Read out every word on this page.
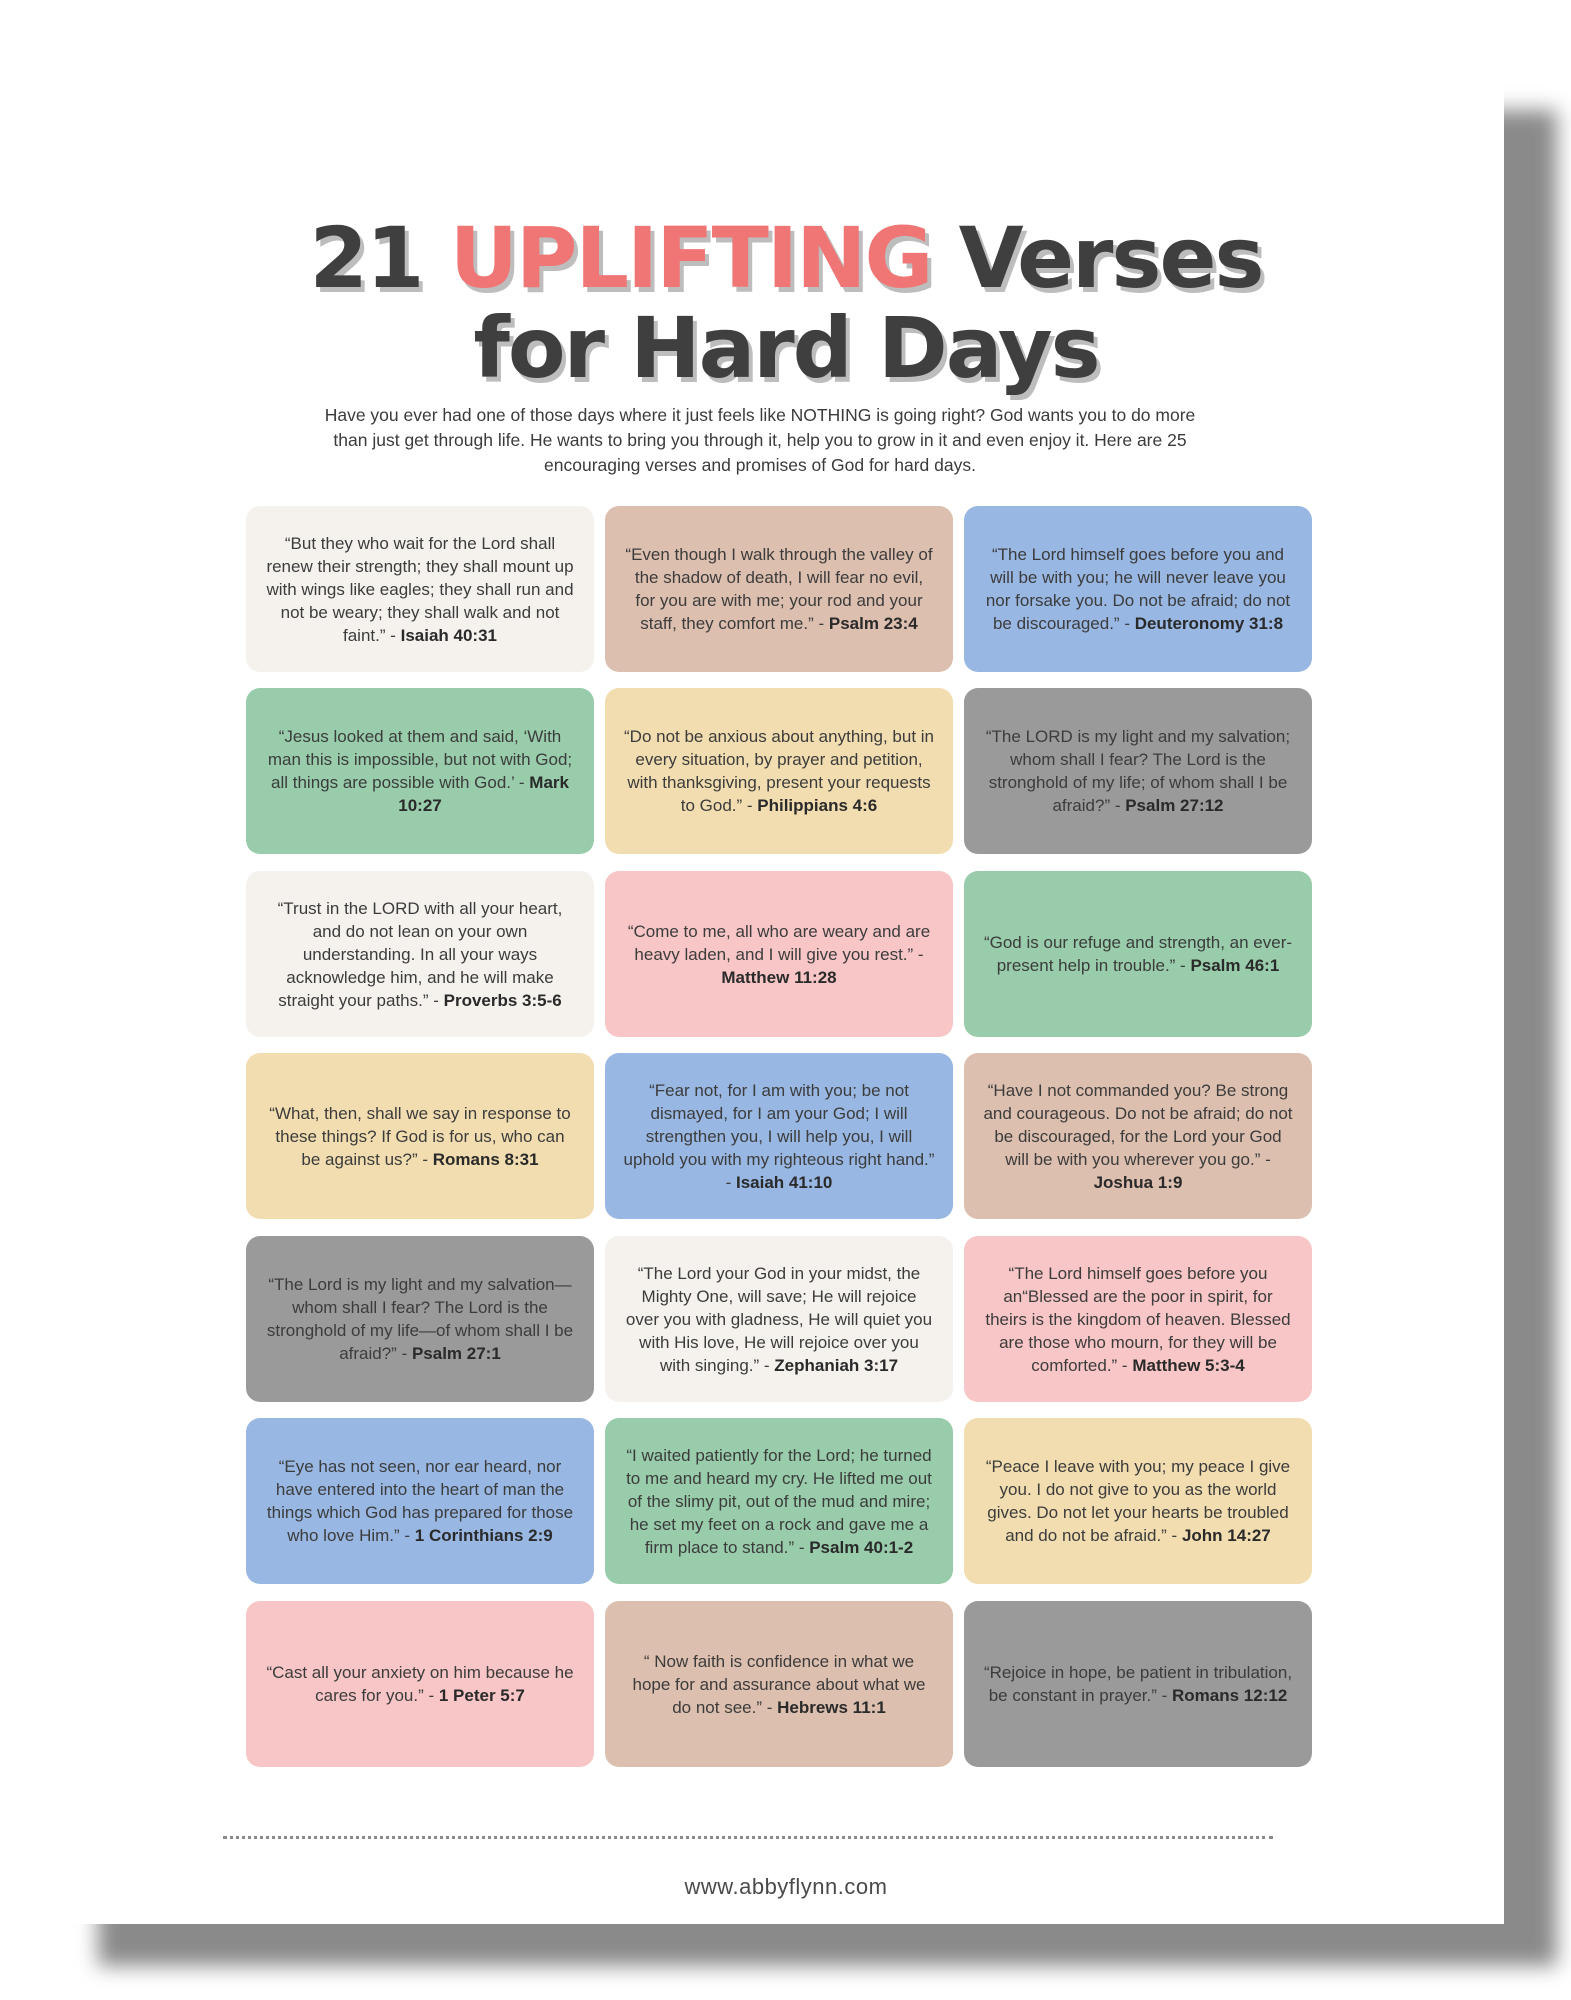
21 UPLIFTING Verses
for Hard Days

Have you ever had one of those days where it just feels like NOTHING is going right? God wants you to do more than just get through life. He wants to bring you through it, help you to grow in it and even enjoy it. Here are 25 encouraging verses and promises of God for hard days.

“But they who wait for the Lord shall renew their strength; they shall mount up with wings like eagles; they shall run and not be weary; they shall walk and not faint.” - Isaiah 40:31
“Even though I walk through the valley of the shadow of death, I will fear no evil, for you are with me; your rod and your staff, they comfort me.” - Psalm 23:4
“The Lord himself goes before you and will be with you; he will never leave you nor forsake you. Do not be afraid; do not be discouraged.” - Deuteronomy 31:8
“Jesus looked at them and said, ‘With man this is impossible, but not with God; all things are possible with God.’ - Mark 10:27
“Do not be anxious about anything, but in every situation, by prayer and petition, with thanksgiving, present your requests to God.” - Philippians 4:6
“The LORD is my light and my salvation; whom shall I fear? The Lord is the stronghold of my life; of whom shall I be afraid?” - Psalm 27:12
“Trust in the LORD with all your heart, and do not lean on your own understanding. In all your ways acknowledge him, and he will make straight your paths.” - Proverbs 3:5-6
“Come to me, all who are weary and are heavy laden, and I will give you rest.” - Matthew 11:28
“God is our refuge and strength, an ever-present help in trouble.” - Psalm 46:1
“What, then, shall we say in response to these things? If God is for us, who can be against us?” - Romans 8:31
“Fear not, for I am with you; be not dismayed, for I am your God; I will strengthen you, I will help you, I will uphold you with my righteous right hand.” - Isaiah 41:10
“Have I not commanded you? Be strong and courageous. Do not be afraid; do not be discouraged, for the Lord your God will be with you wherever you go.” - Joshua 1:9
“The Lord is my light and my salvation—whom shall I fear? The Lord is the stronghold of my life—of whom shall I be afraid?” - Psalm 27:1
“The Lord your God in your midst, the Mighty One, will save; He will rejoice over you with gladness, He will quiet you with His love, He will rejoice over you with singing.” - Zephaniah 3:17
“The Lord himself goes before you an“Blessed are the poor in spirit, for theirs is the kingdom of heaven. Blessed are those who mourn, for they will be comforted.” - Matthew 5:3-4
“Eye has not seen, nor ear heard, nor have entered into the heart of man the things which God has prepared for those who love Him.” - 1 Corinthians 2:9
“I waited patiently for the Lord; he turned to me and heard my cry. He lifted me out of the slimy pit, out of the mud and mire; he set my feet on a rock and gave me a firm place to stand.” - Psalm 40:1-2
“Peace I leave with you; my peace I give you. I do not give to you as the world gives. Do not let your hearts be troubled and do not be afraid.” - John 14:27
“Cast all your anxiety on him because he cares for you.” - 1 Peter 5:7
“ Now faith is confidence in what we hope for and assurance about what we do not see.” - Hebrews 11:1
“Rejoice in hope, be patient in tribulation, be constant in prayer.” - Romans 12:12
www.abbyflynn.com
